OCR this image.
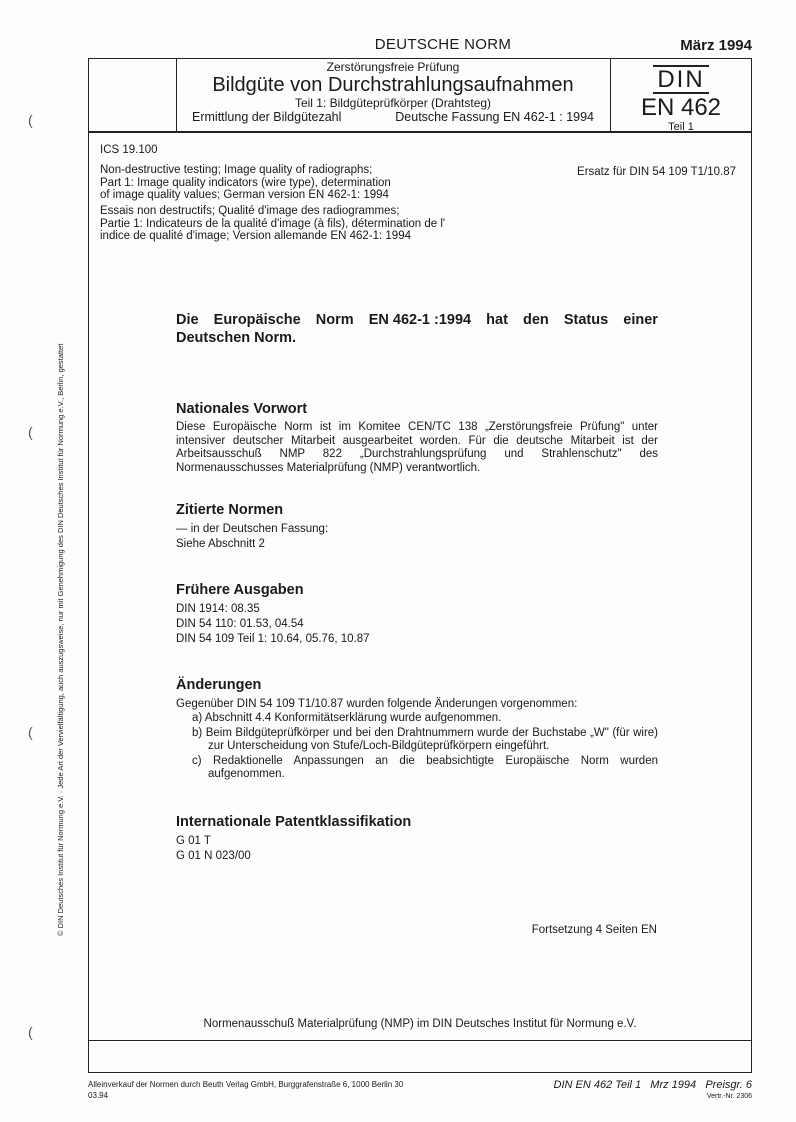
DEUTSCHE NORM	März 1994
Zerstörungsfreie Prüfung
Bildgüte von Durchstrahlungsaufnahmen
Teil 1: Bildgüteprüfkörper (Drahtsteg)
Ermittlung der Bildgütezahl	Deutsche Fassung EN 462-1 : 1994
DIN
EN 462
Teil 1
ICS 19.100
Ersatz für DIN 54 109 T1/10.87
Non-destructive testing; Image quality of radiographs;
Part 1: Image quality indicators (wire type), determination
of image quality values; German version EN 462-1: 1994
Essais non destructifs; Qualité d'image des radiogrammes;
Partie 1: Indicateurs de la qualité d'image (à fils), détermination de l'
indice de qualité d'image; Version allemande EN 462-1: 1994
Die Europäische Norm EN 462-1 :1994 hat den Status einer
Deutschen Norm.
Nationales Vorwort
Diese Europäische Norm ist im Komitee CEN/TC 138 „Zerstörungsfreie Prüfung" unter intensiver deutscher Mitarbeit ausgearbeitet worden. Für die deutsche Mitarbeit ist der Arbeitsausschuß NMP 822 „Durchstrahlungsprüfung und Strahlenschutz" des Normenausschusses Materialprüfung (NMP) verantwortlich.
Zitierte Normen
— in der Deutschen Fassung:
Siehe Abschnitt 2
Frühere Ausgaben
DIN 1914: 08.35
DIN 54 110: 01.53, 04.54
DIN 54 109 Teil 1: 10.64, 05.76, 10.87
Änderungen
Gegenüber DIN 54 109 T1/10.87 wurden folgende Änderungen vorgenommen:
a) Abschnitt 4.4 Konformitätserklärung wurde aufgenommen.
b) Beim Bildgüteprüfkörper und bei den Drahtnummern wurde der Buchstabe „W" (für wire) zur Unterscheidung von Stufe/Loch-Bildgüteprüfkörpern eingeführt.
c) Redaktionelle Anpassungen an die beabsichtigte Europäische Norm wurden aufgenommen.
Internationale Patentklassifikation
G 01 T
G 01 N 023/00
Fortsetzung 4 Seiten EN
Normenausschuß Materialprüfung (NMP) im DIN Deutsches Institut für Normung e.V.
Alleinverkauf der Normen durch Beuth Verlag GmbH, Burggrafenstraße 6, 1000 Berlin 30
03.94
DIN EN 462 Teil 1   Mrz 1994   Preisgr. 6
Vertr.-Nr. 2306
© DIN Deutsches Institut für Normung e.V. · Jede Art der Vervielfältigung, auch auszugsweise, nur mit Genehmigung des DIN Deutsches Institut für Normung e.V., Berlin, gestattet
(
(
(
(
